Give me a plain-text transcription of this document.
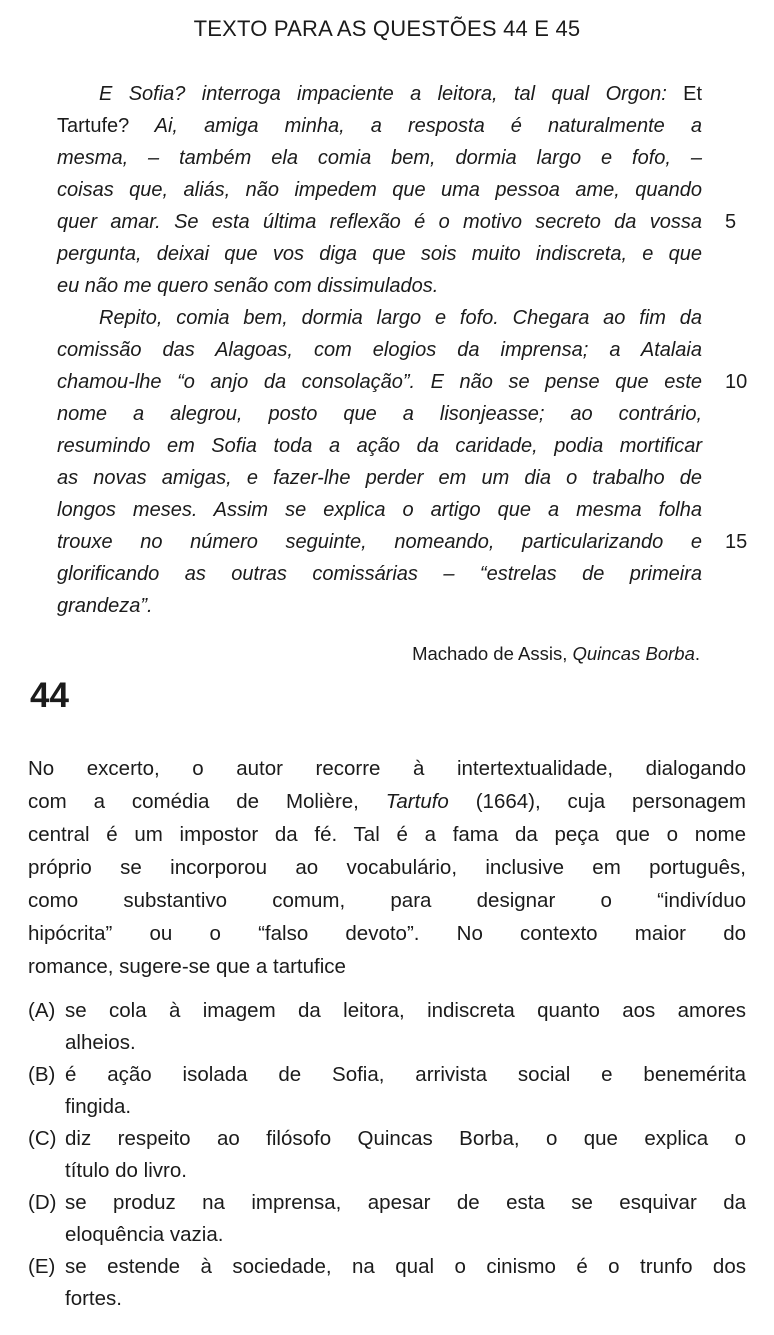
TEXTO PARA AS QUESTÕES 44 E 45
E Sofia? interroga impaciente a leitora, tal qual Orgon: Et
Tartufe? Ai, amiga minha, a resposta é naturalmente a
mesma, – também ela comia bem, dormia largo e fofo, –
coisas que, aliás, não impedem que uma pessoa ame, quando
quer amar. Se esta última reflexão é o motivo secreto da vossa
pergunta, deixai que vos diga que sois muito indiscreta, e que
eu não me quero senão com dissimulados.
Repito, comia bem, dormia largo e fofo. Chegara ao fim da
comissão das Alagoas, com elogios da imprensa; a Atalaia
chamou-lhe “o anjo da consolação”. E não se pense que este
nome a alegrou, posto que a lisonjeasse; ao contrário,
resumindo em Sofia toda a ação da caridade, podia mortificar
as novas amigas, e fazer-lhe perder em um dia o trabalho de
longos meses. Assim se explica o artigo que a mesma folha
trouxe no número seguinte, nomeando, particularizando e
glorificando as outras comissárias – “estrelas de primeira
grandeza”.
5
10
15
Machado de Assis, Quincas Borba.
44
No excerto, o autor recorre à intertextualidade, dialogando
com a comédia de Molière, Tartufo (1664), cuja personagem
central é um impostor da fé. Tal é a fama da peça que o nome
próprio se incorporou ao vocabulário, inclusive em português,
como substantivo comum, para designar o “indivíduo
hipócrita” ou o “falso devoto”. No contexto maior do
romance, sugere-se que a tartufice
(A) se cola à imagem da leitora, indiscreta quanto aos amores
alheios.
(B) é ação isolada de Sofia, arrivista social e benemérita
fingida.
(C) diz respeito ao filósofo Quincas Borba, o que explica o
título do livro.
(D) se produz na imprensa, apesar de esta se esquivar da
eloquência vazia.
(E) se estende à sociedade, na qual o cinismo é o trunfo dos
fortes.
